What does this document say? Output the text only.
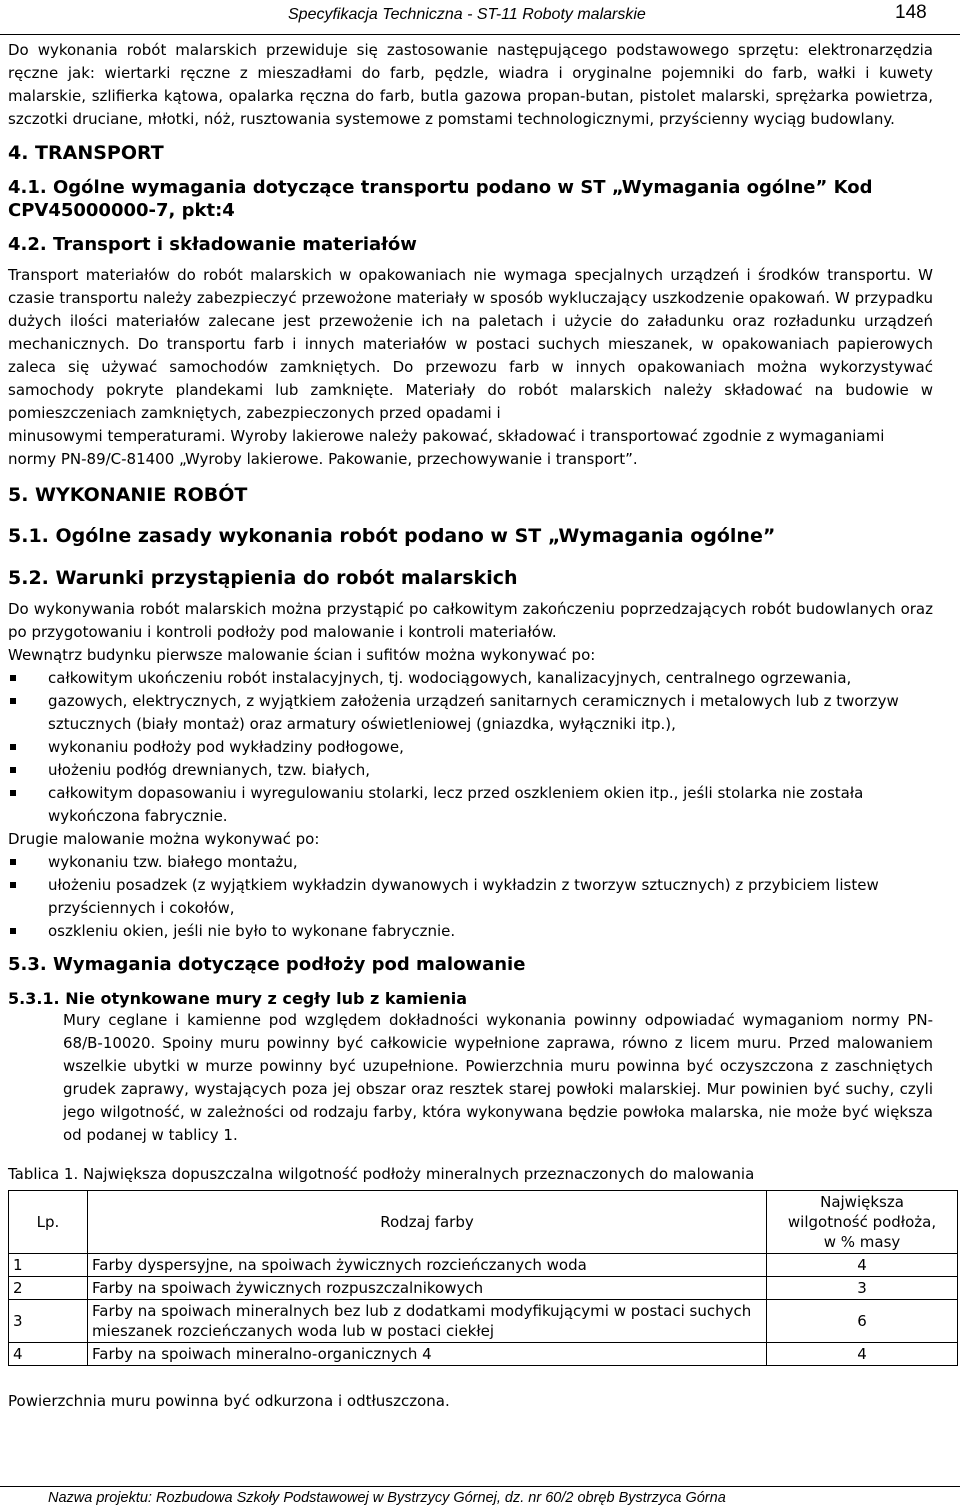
Specyfikacja Techniczna - ST-11 Roboty malarskie	148

Do wykonania robót malarskich przewiduje się zastosowanie następującego podstawowego sprzętu: elektronarzędzia ręczne jak: wiertarki ręczne z mieszadłami do farb, pędzle, wiadra i oryginalne pojemniki do farb, wałki i kuwety malarskie, szlifierka kątowa, opalarka ręczna do farb, butla gazowa propan-butan, pistolet malarski, sprężarka powietrza, szczotki druciane, młotki, nóż, rusztowania systemowe z pomstami technologicznymi, przyścienny wyciąg budowlany.

4. TRANSPORT

4.1. Ogólne wymagania dotyczące transportu podano w ST „Wymagania ogólne” Kod CPV45000000-7, pkt:4

4.2. Transport i składowanie materiałów

Transport materiałów do robót malarskich w opakowaniach nie wymaga specjalnych urządzeń i środków transportu. W czasie transportu należy zabezpieczyć przewożone materiały w sposób wykluczający uszkodzenie opakowań. W przypadku dużych ilości materiałów zalecane jest przewożenie ich na paletach i użycie do załadunku oraz rozładunku urządzeń mechanicznych. Do transportu farb i innych materiałów w postaci suchych mieszanek, w opakowaniach papierowych zaleca się używać samochodów zamkniętych. Do przewozu farb w innych opakowaniach można wykorzystywać samochody pokryte plandekami lub zamknięte. Materiały do robót malarskich należy składować na budowie w pomieszczeniach zamkniętych, zabezpieczonych przed opadami i

minusowymi temperaturami. Wyroby lakierowe należy pakować, składować i transportować zgodnie z wymaganiami normy PN-89/C-81400 „Wyroby lakierowe. Pakowanie, przechowywanie i transport”.

5. WYKONANIE ROBÓT

5.1. Ogólne zasady wykonania robót podano w ST „Wymagania ogólne”

5.2. Warunki przystąpienia do robót malarskich

Do wykonywania robót malarskich można przystąpić po całkowitym zakończeniu poprzedzających robót budowlanych oraz po przygotowaniu i kontroli podłoży pod malowanie i kontroli materiałów.

Wewnątrz budynku pierwsze malowanie ścian i sufitów można wykonywać po:

całkowitym ukończeniu robót instalacyjnych, tj. wodociągowych, kanalizacyjnych, centralnego ogrzewania,
gazowych, elektrycznych, z wyjątkiem założenia urządzeń sanitarnych ceramicznych i metalowych lub z tworzyw sztucznych (biały montaż) oraz armatury oświetleniowej (gniazdka, wyłączniki itp.),
wykonaniu podłoży pod wykładziny podłogowe,
ułożeniu podłóg drewnianych, tzw. białych,
całkowitym dopasowaniu i wyregulowaniu stolarki, lecz przed oszkleniem okien itp., jeśli stolarka nie została wykończona fabrycznie.

Drugie malowanie można wykonywać po:

wykonaniu tzw. białego montażu,
ułożeniu posadzek (z wyjątkiem wykładzin dywanowych i wykładzin z tworzyw sztucznych) z przybiciem listew przyściennych i cokołów,
oszkleniu okien, jeśli nie było to wykonane fabrycznie.

5.3. Wymagania dotyczące podłoży pod malowanie

5.3.1. Nie otynkowane mury z cegły lub z kamienia

Mury ceglane i kamienne pod względem dokładności wykonania powinny odpowiadać wymaganiom normy PN-68/B-10020. Spoiny muru powinny być całkowicie wypełnione zaprawa, równo z licem muru. Przed malowaniem wszelkie ubytki w murze powinny być uzupełnione. Powierzchnia muru powinna być oczyszczona z zaschniętych grudek zaprawy, wystających poza jej obszar oraz resztek starej powłoki malarskiej. Mur powinien być suchy, czyli jego wilgotność, w zależności od rodzaju farby, która wykonywana będzie powłoka malarska, nie może być większa od podanej w tablicy 1.

Tablica 1. Największa dopuszczalna wilgotność podłoży mineralnych przeznaczonych do malowania

Lp.	Rodzaj farby	Największa
wilgotność podłoża,
w % masy

1	Farby dyspersyjne, na spoiwach żywicznych rozcieńczanych woda	4
2	Farby na spoiwach żywicznych rozpuszczalnikowych	3
3	Farby na spoiwach mineralnych bez lub z dodatkami modyfikującymi w postaci suchych mieszanek rozcieńczanych woda lub w postaci ciekłej	6
4	Farby na spoiwach mineralno-organicznych 4	4

Powierzchnia muru powinna być odkurzona i odtłuszczona.

Nazwa projektu: Rozbudowa Szkoły Podstawowej w Bystrzycy Górnej, dz. nr 60/2 obręb Bystrzyca Górna
